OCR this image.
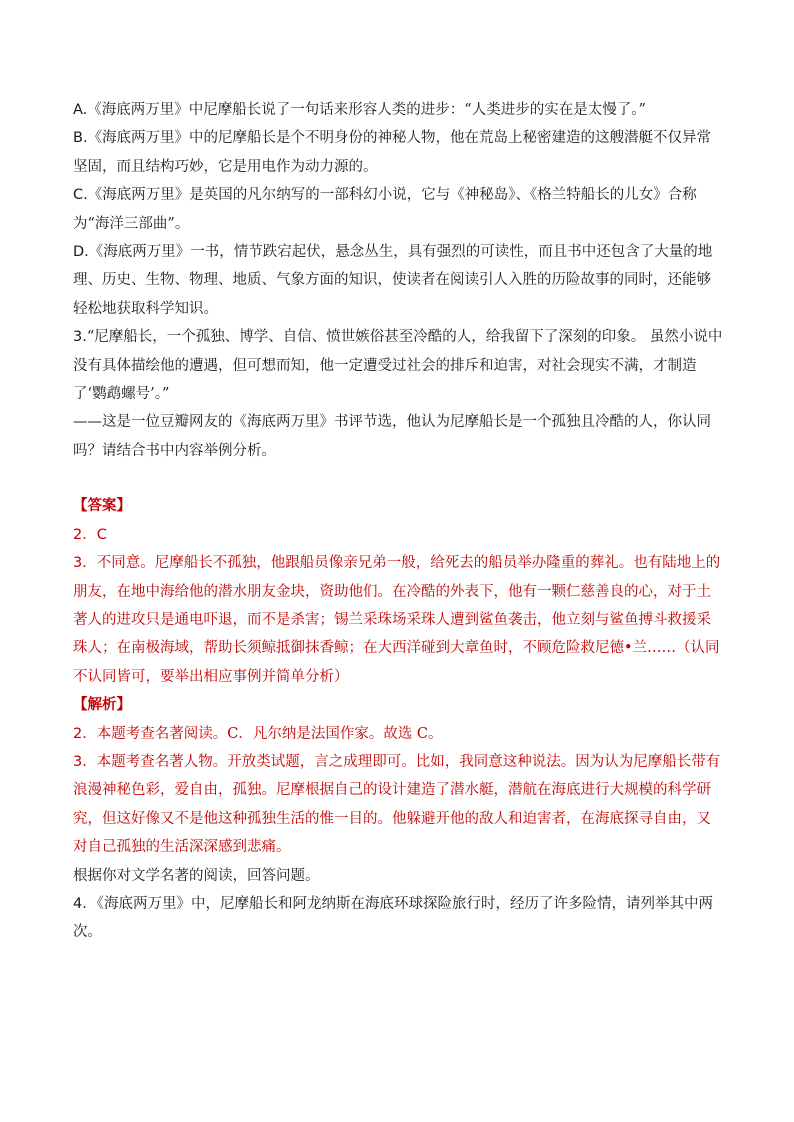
A.《海底两万里》中尼摩船长说了一句话来形容人类的进步：“人类进步的实在是太慢了。”

B.《海底两万里》中的尼摩船长是个不明身份的神秘人物，他在荒岛上秘密建造的这艘潜艇不仅异常坚固，而且结构巧妙，它是用电作为动力源的。

C.《海底两万里》是英国的凡尔纳写的一部科幻小说，它与《神秘岛》、《格兰特船长的儿女》合称为“海洋三部曲”。

D.《海底两万里》一书，情节跌宕起伏，悬念丛生，具有强烈的可读性，而且书中还包含了大量的地理、历史、生物、物理、地质、气象方面的知识，使读者在阅读引人入胜的历险故事的同时，还能够轻松地获取科学知识。

3.“尼摩船长，一个孤独、博学、自信、愤世嫉俗甚至冷酷的人，给我留下了深刻的印象。 虽然小说中没有具体描绘他的遭遇，但可想而知，他一定遭受过社会的排斥和迫害，对社会现实不满，才制造了‘鹦鹉螺号’。”

——这是一位豆瓣网友的《海底两万里》书评节选，他认为尼摩船长是一个孤独且冷酷的人，你认同吗？请结合书中内容举例分析。

【答案】

2．C

3．不同意。尼摩船长不孤独，他跟船员像亲兄弟一般，给死去的船员举办隆重的葬礼。也有陆地上的朋友，在地中海给他的潜水朋友金块，资助他们。在冷酷的外表下，他有一颗仁慈善良的心，对于土著人的进攻只是通电吓退，而不是杀害；锡兰采珠场采珠人遭到鲨鱼袭击，他立刻与鲨鱼搏斗救援采珠人；在南极海域，帮助长须鲸抵御抹香鲸；在大西洋碰到大章鱼时，不顾危险救尼德•兰……（认同不认同皆可，要举出相应事例并简单分析）

【解析】

2．本题考查名著阅读。C．凡尔纳是法国作家。故选 C。

3．本题考查名著人物。开放类试题，言之成理即可。比如，我同意这种说法。因为认为尼摩船长带有浪漫神秘色彩，爱自由，孤独。尼摩根据自己的设计建造了潜水艇，潜航在海底进行大规模的科学研究，但这好像又不是他这种孤独生活的惟一目的。他躲避开他的敌人和迫害者，在海底探寻自由，又对自己孤独的生活深深感到悲痛。

根据你对文学名著的阅读，回答问题。

4．《海底两万里》中，尼摩船长和阿龙纳斯在海底环球探险旅行时，经历了许多险情，请列举其中两次。
